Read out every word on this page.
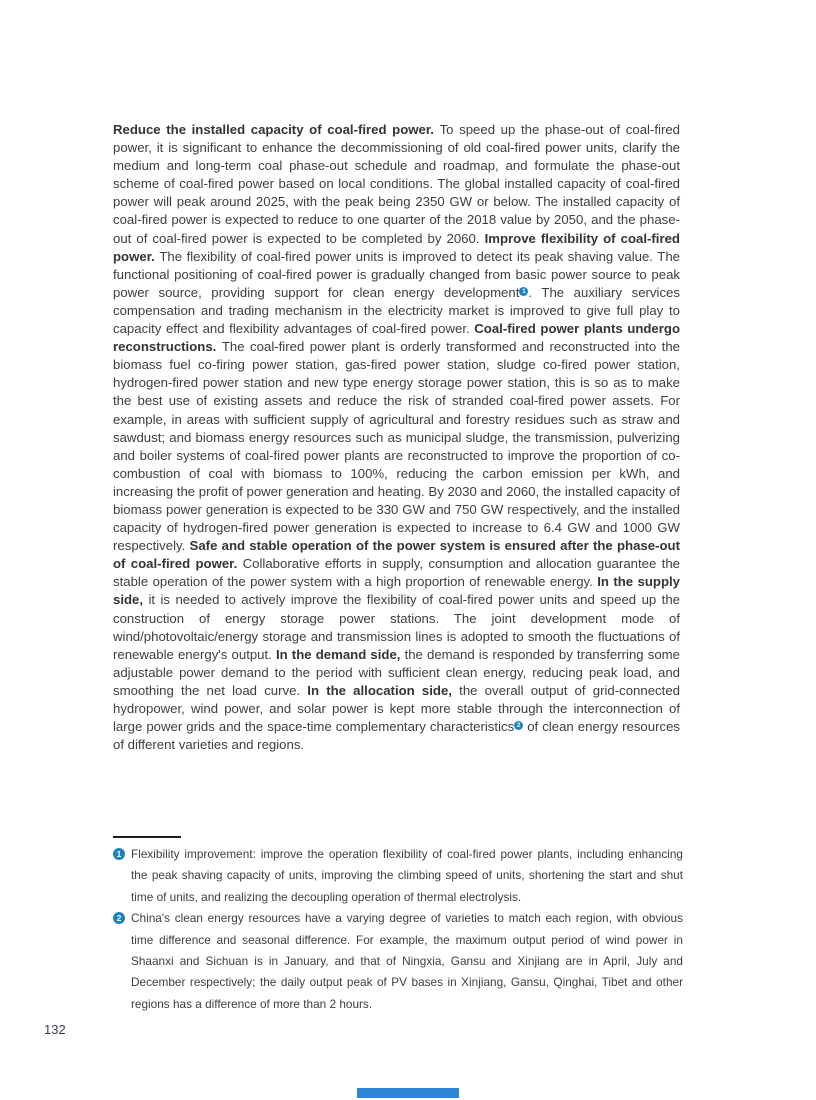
Reduce the installed capacity of coal-fired power. To speed up the phase-out of coal-fired power, it is significant to enhance the decommissioning of old coal-fired power units, clarify the medium and long-term coal phase-out schedule and roadmap, and formulate the phase-out scheme of coal-fired power based on local conditions. The global installed capacity of coal-fired power will peak around 2025, with the peak being 2350 GW or below. The installed capacity of coal-fired power is expected to reduce to one quarter of the 2018 value by 2050, and the phase-out of coal-fired power is expected to be completed by 2060. Improve flexibility of coal-fired power. The flexibility of coal-fired power units is improved to detect its peak shaving value. The functional positioning of coal-fired power is gradually changed from basic power source to peak power source, providing support for clean energy development 1 . The auxiliary services compensation and trading mechanism in the electricity market is improved to give full play to capacity effect and flexibility advantages of coal-fired power. Coal-fired power plants undergo reconstructions. The coal-fired power plant is orderly transformed and reconstructed into the biomass fuel co-firing power station, gas-fired power station, sludge co-fired power station, hydrogen-fired power station and new type energy storage power station, this is so as to make the best use of existing assets and reduce the risk of stranded coal-fired power assets. For example, in areas with sufficient supply of agricultural and forestry residues such as straw and sawdust; and biomass energy resources such as municipal sludge, the transmission, pulverizing and boiler systems of coal-fired power plants are reconstructed to improve the proportion of co-combustion of coal with biomass to 100%, reducing the carbon emission per kWh, and increasing the profit of power generation and heating. By 2030 and 2060, the installed capacity of biomass power generation is expected to be 330 GW and 750 GW respectively, and the installed capacity of hydrogen-fired power generation is expected to increase to 6.4 GW and 1000 GW respectively. Safe and stable operation of the power system is ensured after the phase-out of coal-fired power. Collaborative efforts in supply, consumption and allocation guarantee the stable operation of the power system with a high proportion of renewable energy. In the supply side, it is needed to actively improve the flexibility of coal-fired power units and speed up the construction of energy storage power stations. The joint development mode of wind/photovoltaic/energy storage and transmission lines is adopted to smooth the fluctuations of renewable energy's output. In the demand side, the demand is responded by transferring some adjustable power demand to the period with sufficient clean energy, reducing peak load, and smoothing the net load curve. In the allocation side, the overall output of grid-connected hydropower, wind power, and solar power is kept more stable through the interconnection of large power grids and the space-time complementary characteristics 2 of clean energy resources of different varieties and regions.

1 Flexibility improvement: improve the operation flexibility of coal-fired power plants, including enhancing the peak shaving capacity of units, improving the climbing speed of units, shortening the start and shut time of units, and realizing the decoupling operation of thermal electrolysis.
2 China's clean energy resources have a varying degree of varieties to match each region, with obvious time difference and seasonal difference. For example, the maximum output period of wind power in Shaanxi and Sichuan is in January, and that of Ningxia, Gansu and Xinjiang are in April, July and December respectively; the daily output peak of PV bases in Xinjiang, Gansu, Qinghai, Tibet and other regions has a difference of more than 2 hours.
132
